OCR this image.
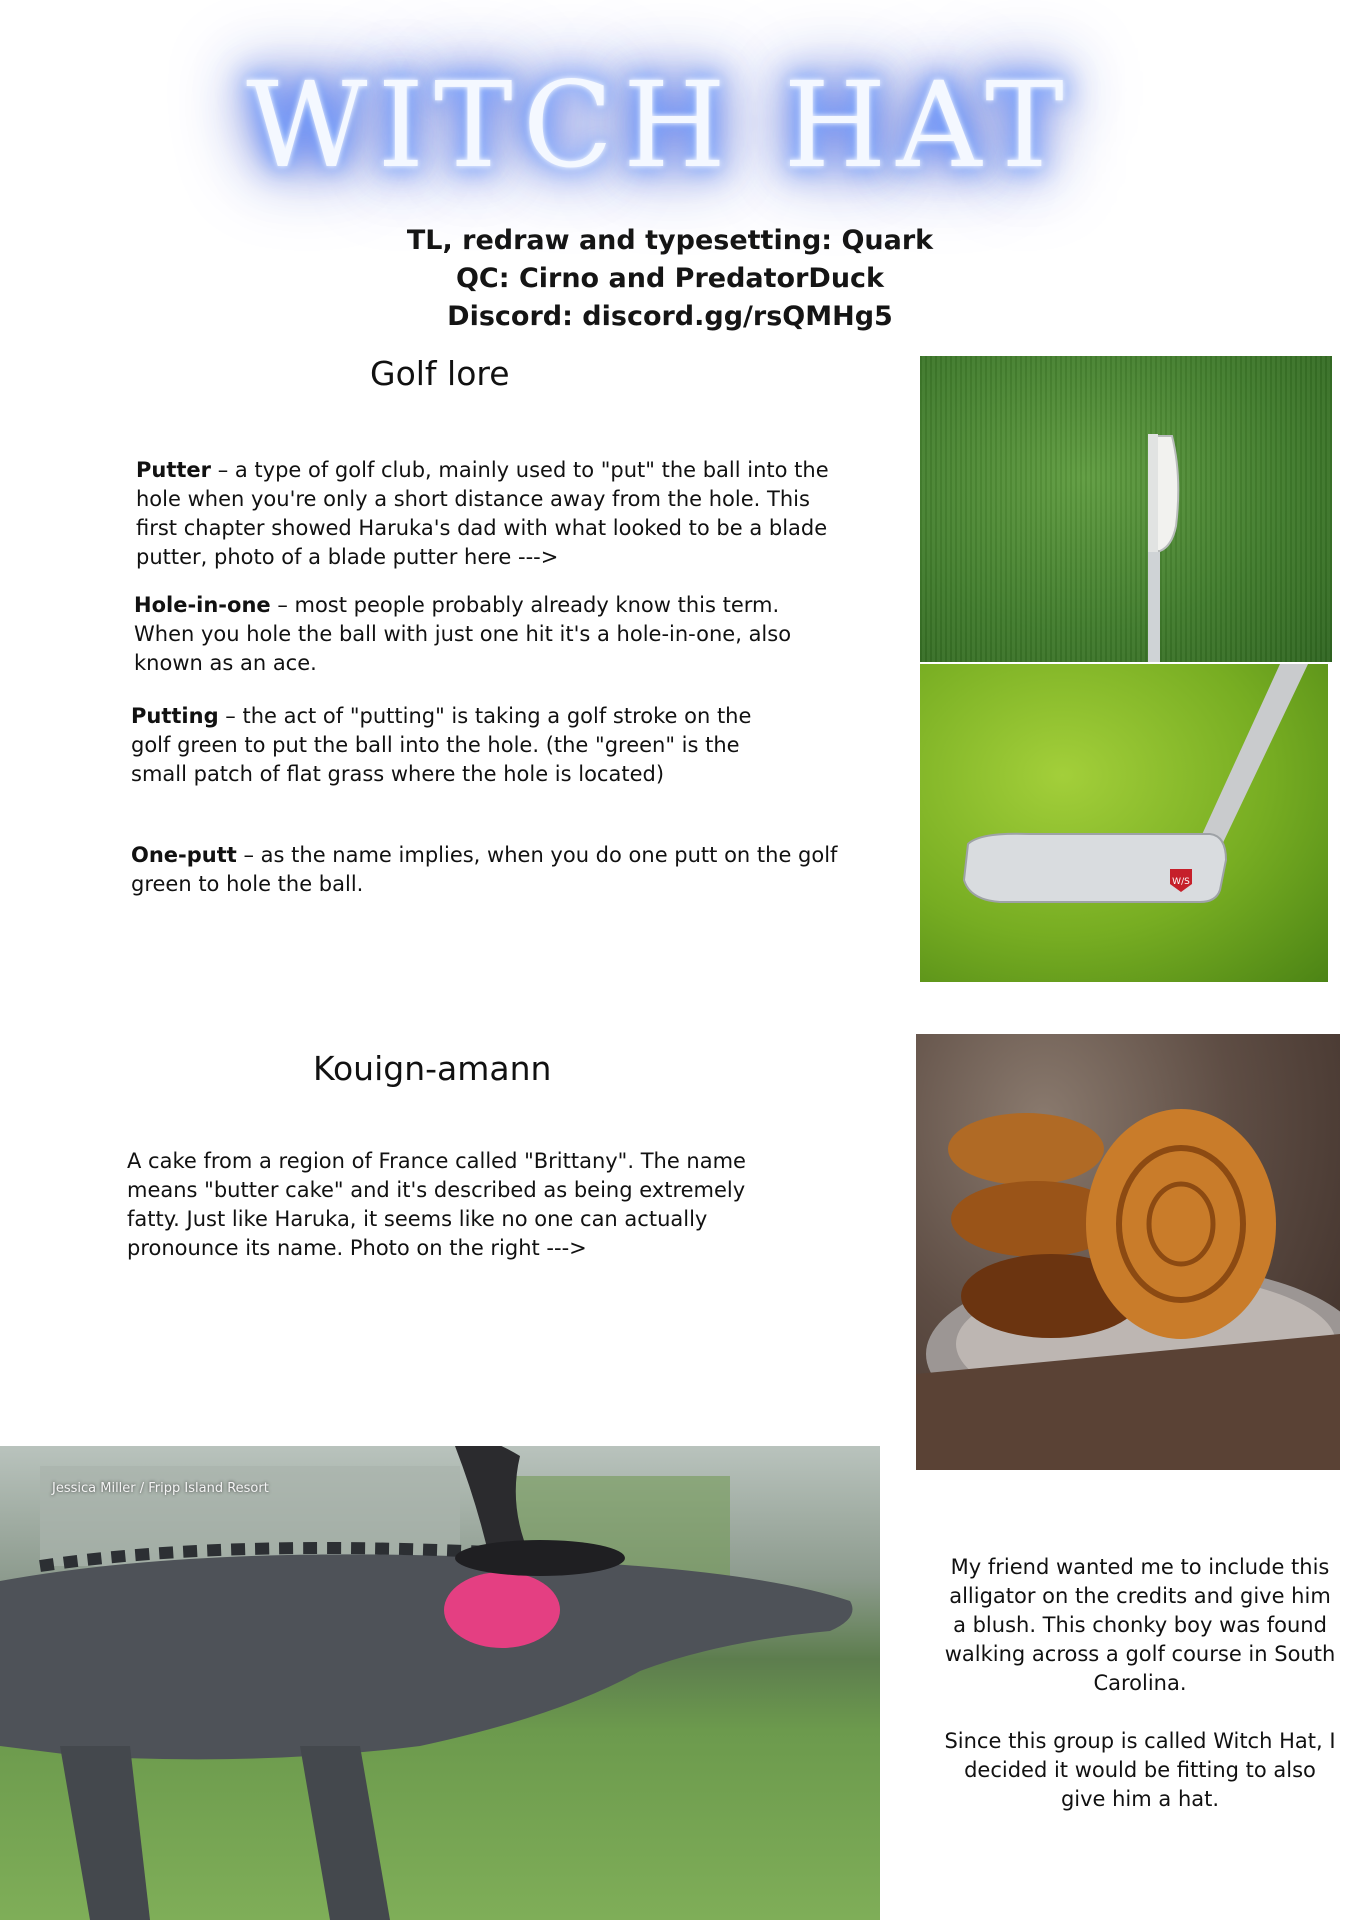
WITCH HAT
TL, redraw and typesetting: Quark
QC: Cirno and PredatorDuck
Discord: discord.gg/rsQMHg5
Golf lore
Putter – a type of golf club, mainly used to "put" the ball into the hole when you're only a short distance away from the hole. This first chapter showed Haruka's dad with what looked to be a blade putter, photo of a blade putter here --->
Hole-in-one – most people probably already know this term. When you hole the ball with just one hit it's a hole-in-one, also known as an ace.
Putting – the act of "putting" is taking a golf stroke on the golf green to put the ball into the hole. (the "green" is the small patch of flat grass where the hole is located)
One-putt – as the name implies, when you do one putt on the golf green to hole the ball.	W/S
Kouign-amann
A cake from a region of France called "Brittany". The name means "butter cake" and it's described as being extremely fatty. Just like Haruka, it seems like no one can actually pronounce its name. Photo on the right --->
Jessica Miller / Fripp Island Resort
My friend wanted me to include this alligator on the credits and give him a blush. This chonky boy was found walking across a golf course in South Carolina.
Since this group is called Witch Hat, I decided it would be fitting to also give him a hat.
